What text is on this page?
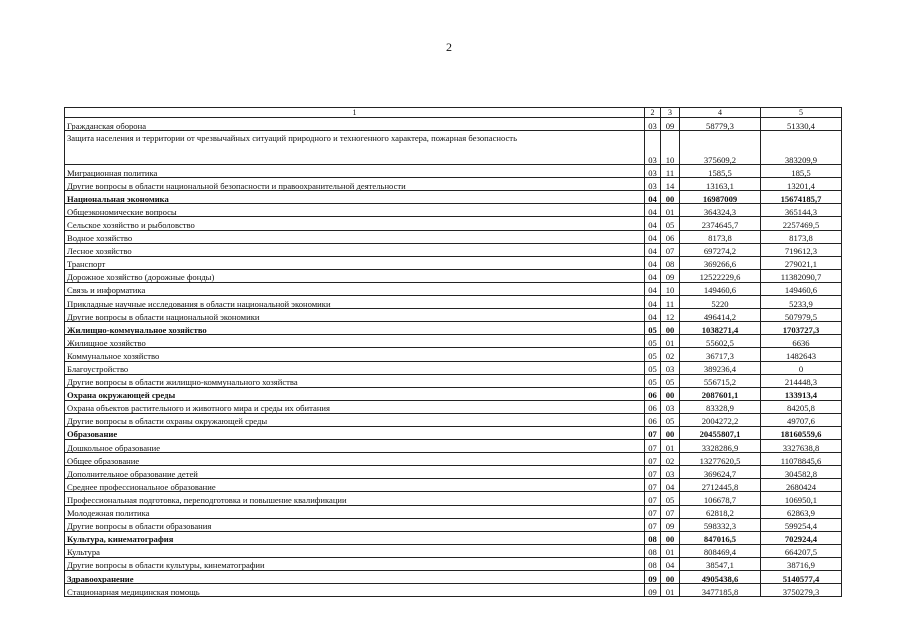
2
1	2	3	4	5
Гражданская оборона	03	09	58779,3	51330,4
Защита населения и территории от чрезвычайных ситуаций природного и техногенного характера, пожарная безопасность	03	10	375609,2	383209,9
Миграционная политика	03	11	1585,5	185,5
Другие вопросы в области национальной безопасности и правоохранительной деятельности	03	14	13163,1	13201,4
Национальная экономика	04	00	16987009	15674185,7
Общеэкономические вопросы	04	01	364324,3	365144,3
Сельское хозяйство и рыболовство	04	05	2374645,7	2257469,5
Водное хозяйство	04	06	8173,8	8173,8
Лесное хозяйство	04	07	697274,2	719612,3
Транспорт	04	08	369266,6	279021,1
Дорожное хозяйство (дорожные фонды)	04	09	12522229,6	11382090,7
Связь и информатика	04	10	149460,6	149460,6
Прикладные научные исследования в области национальной экономики	04	11	5220	5233,9
Другие вопросы в области национальной экономики	04	12	496414,2	507979,5
Жилищно-коммунальное хозяйство	05	00	1038271,4	1703727,3
Жилищное хозяйство	05	01	55602,5	6636
Коммунальное хозяйство	05	02	36717,3	1482643
Благоустройство	05	03	389236,4	0
Другие вопросы в области жилищно-коммунального хозяйства	05	05	556715,2	214448,3
Охрана окружающей среды	06	00	2087601,1	133913,4
Охрана объектов растительного и животного мира и среды их обитания	06	03	83328,9	84205,8
Другие вопросы в области охраны окружающей среды	06	05	2004272,2	49707,6
Образование	07	00	20455807,1	18160559,6
Дошкольное образование	07	01	3328286,9	3327638,8
Общее образование	07	02	13277620,5	11078845,6
Дополнительное образование детей	07	03	369624,7	304582,8
Среднее профессиональное образование	07	04	2712445,8	2680424
Профессиональная подготовка, переподготовка и повышение квалификации	07	05	106678,7	106950,1
Молодежная политика	07	07	62818,2	62863,9
Другие вопросы в области образования	07	09	598332,3	599254,4
Культура, кинематография	08	00	847016,5	702924,4
Культура	08	01	808469,4	664207,5
Другие вопросы в области культуры, кинематографии	08	04	38547,1	38716,9
Здравоохранение	09	00	4905438,6	5140577,4
Стационарная медицинская помощь	09	01	3477185,8	3750279,3
